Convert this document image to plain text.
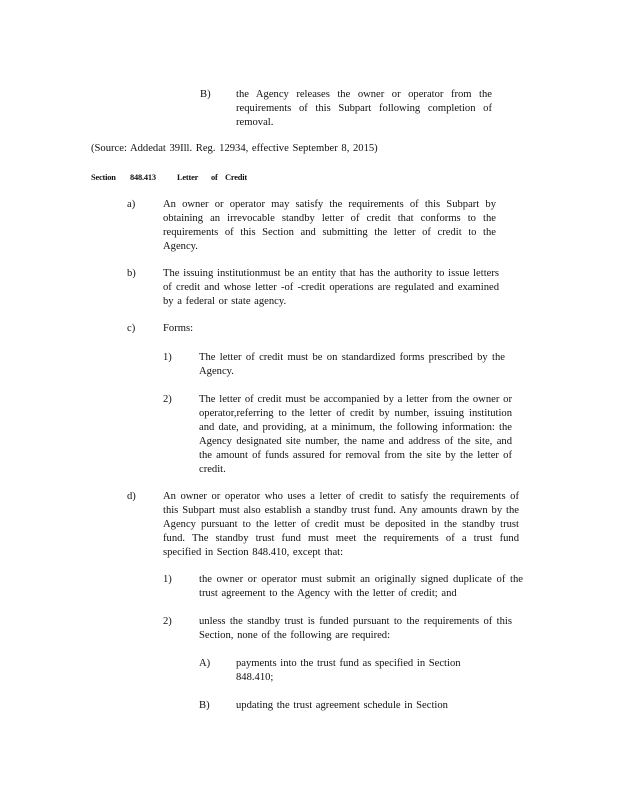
B) the Agency releases the owner or operator from the requirements of this Subpart following completion of removal.
(Source: Addedat 39Ill. Reg. 12934, effective September 8, 2015)
Section 848.413	Letter of Credit
a)	An owner or operator may satisfy the requirements of this Subpart by obtaining an irrevocable standby letter of credit that conforms to the requirements of this Section and submitting the letter of credit to the Agency.
b)	The issuing institutionmust be an entity that has the authority to issue letters of credit and whose letter -of -credit operations are regulated and examined by a federal or state agency.
c)	Forms:
1)	The letter of credit must be on standardized forms prescribed by the Agency.
2)	The letter of credit must be accompanied by a letter from the owner or operator,referring to the letter of credit by number, issuing institution and date, and providing, at a minimum, the following information: the Agency designated site number, the name and address of the site, and the amount of funds assured for removal from the site by the letter of credit.
d)	An owner or operator who uses a letter of credit to satisfy the requirements of this Subpart must also establish a standby trust fund. Any amounts drawn by the Agency pursuant to the letter of credit must be deposited in the standby trust fund. The standby trust fund must meet the requirements of a trust fund specified in Section 848.410, except that:
1)	the owner or operator must submit an originally signed duplicate of the trust agreement to the Agency with the letter of credit; and
2)	unless the standby trust is funded pursuant to the requirements of this Section, none of the following are required:
A) payments into the trust fund as specified in Section 848.410;
B) updating the trust agreement schedule in Section
